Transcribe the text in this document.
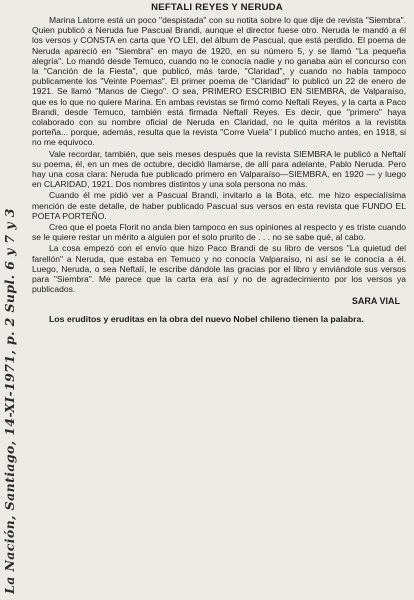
La Nación, Santiago, 14-XI-1971, p. 2 Supl. 6 y 7 y 3
NEFTALI REYES Y NERUDA

Marina Latorre está un poco "despistada" con su notita sobre lo que dije de revista "Siembra". Quien publicó a Neruda fue Pascual Brandi, aunque el director fuese otro. Neruda le mandó a él los versos y CONSTA en carta que YO LEI, del álbum de Pascual, que está perdido. El poema de Neruda apareció en "Siembra" en mayo de 1920, en su número 5, y se llamó "La pequeña alegría". Lo mandó desde Temuco, cuando no le conocía nadie y no ganaba aún el concurso con la "Canción de la Fiesta", que publicó, más tarde, "Claridad", y cuando no había tampoco publicamente los "Veinte Poemas". El primer poema de "Claridad" lo publicó un 22 de enero de 1921. Se llamó "Manos de Ciego". O sea, PRIMERO ESCRIBIO EN SIEMBRA, de Valparaíso, que es lo que no quiere Marina. En ambas revistas se firmó como Neftalí Reyes, y la carta a Paco Brandi, desde Temuco, también está firmada Neftalí Reyes. Es decir, que "primero" haya colaborado con su nombre oficial de Neruda en Claridad, no le quita méritos a la revistita porteña... porque, además, resulta que la revista "Corre Vuela" I publicó mucho antes, en 1918, si no me equivoco.

Vale recordar, también, que seis meses después que la revista SIEMBRA le publicó a Neftalí su poema, él, en un mes de octubre, decidió llamarse, de allí para adelante, Pablo Neruda. Pero hay una cosa clara: Neruda fue publicado primero en Valparaíso—SIEMBRA, en 1920 — y luego en CLARIDAD, 1921. Dos nombres distintos y una sola persona no más.

Cuando él me pidió ver a Pascual Brandi, invitarlo a la Bota, etc. me hizo especialísima mención de este detalle, de haber publicado Pascual sus versos en esta revista que FUNDO EL POETA PORTEÑO.

Creo que el poeta Florit no anda bien tampoco en sus opiniones al respecto y es triste cuando se le quiere restar un mérito a alguien por el solo prurito de . . . no se sabe qué, al cabo.

La cosa empezó con el envío que hizo Paco Brandi de su libro de versos "La quietud del farellón" a Neruda, que estaba en Temuco y no conocía Valparaíso, ni así se le conocía a él. Luego, Neruda, o sea Neftalí, le escribe dándole las gracias por el libro y enviándole sus versos para "Siembra". Me parece que la carta era así y no de agradecimiento por los versos ya publicados.

SARA VIAL

Los eruditos y eruditas en la obra del nuevo Nobel chileno tienen la palabra.
